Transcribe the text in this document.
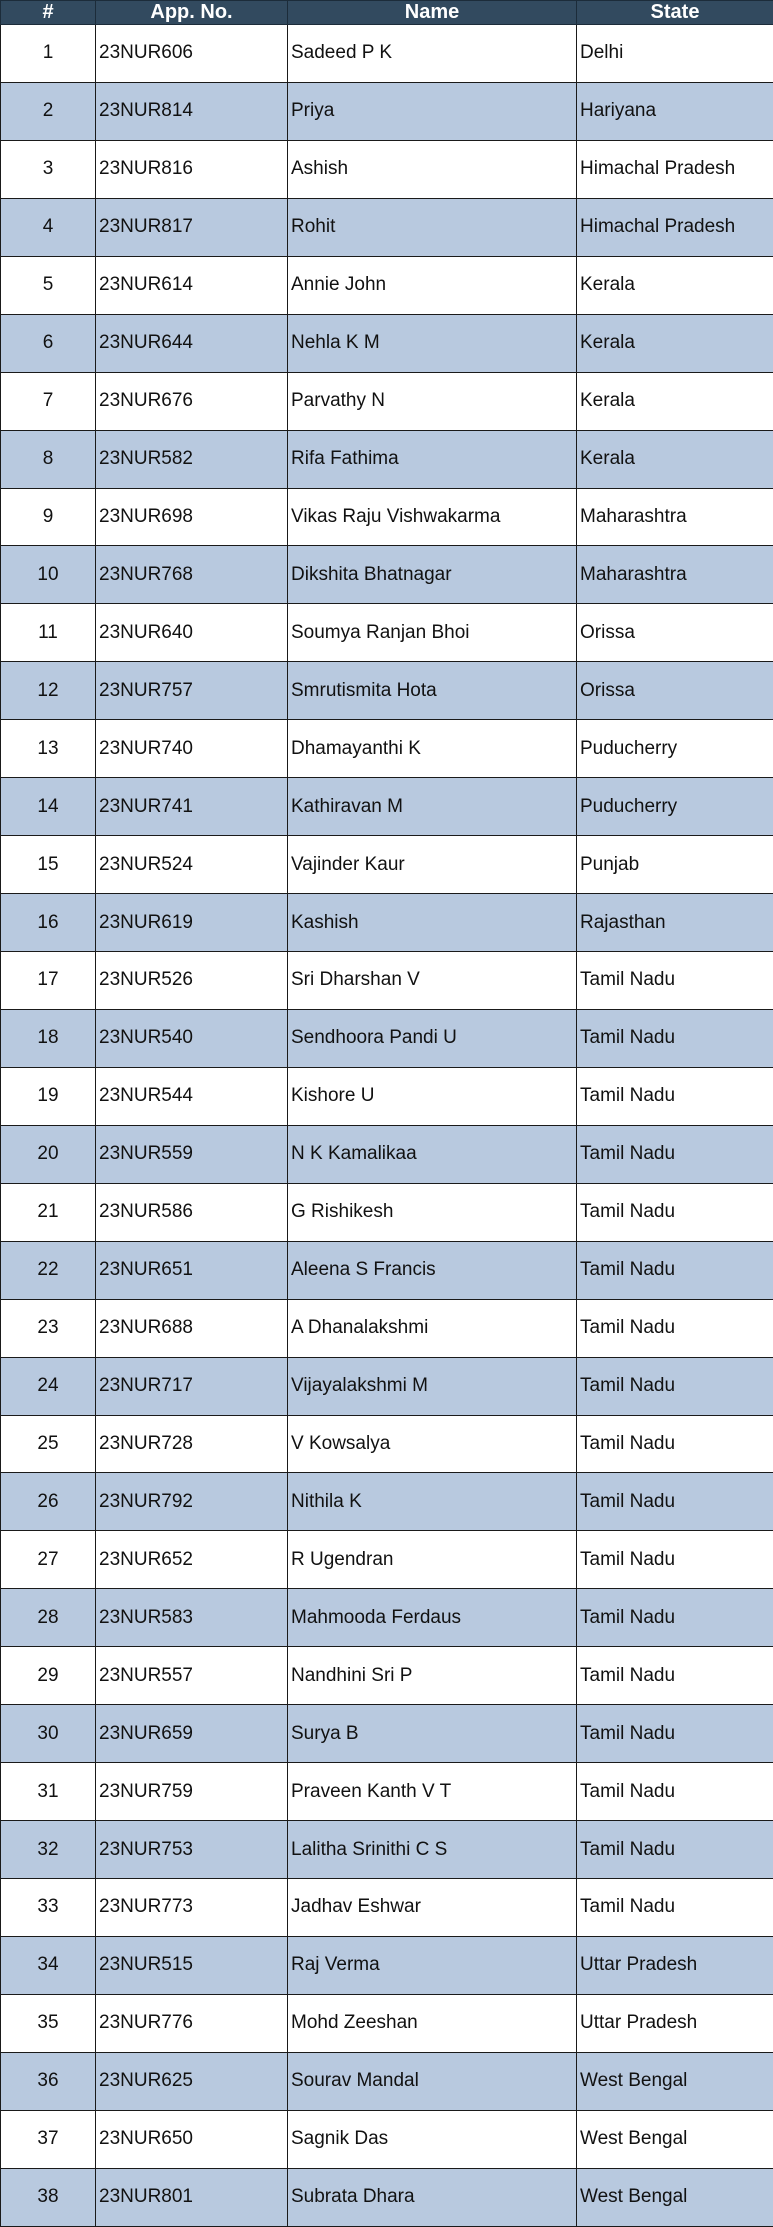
#	App. No.	Name	State
1	23NUR606	Sadeed P K	Delhi
2	23NUR814	Priya	Hariyana
3	23NUR816	Ashish	Himachal Pradesh
4	23NUR817	Rohit	Himachal Pradesh
5	23NUR614	Annie John	Kerala
6	23NUR644	Nehla K M	Kerala
7	23NUR676	Parvathy N	Kerala
8	23NUR582	Rifa Fathima	Kerala
9	23NUR698	Vikas Raju Vishwakarma	Maharashtra
10	23NUR768	Dikshita Bhatnagar	Maharashtra
11	23NUR640	Soumya Ranjan Bhoi	Orissa
12	23NUR757	Smrutismita Hota	Orissa
13	23NUR740	Dhamayanthi K	Puducherry
14	23NUR741	Kathiravan M	Puducherry
15	23NUR524	Vajinder Kaur	Punjab
16	23NUR619	Kashish	Rajasthan
17	23NUR526	Sri Dharshan V	Tamil Nadu
18	23NUR540	Sendhoora Pandi U	Tamil Nadu
19	23NUR544	Kishore U	Tamil Nadu
20	23NUR559	N K Kamalikaa	Tamil Nadu
21	23NUR586	G Rishikesh	Tamil Nadu
22	23NUR651	Aleena S Francis	Tamil Nadu
23	23NUR688	A Dhanalakshmi	Tamil Nadu
24	23NUR717	Vijayalakshmi M	Tamil Nadu
25	23NUR728	V Kowsalya	Tamil Nadu
26	23NUR792	Nithila K	Tamil Nadu
27	23NUR652	R Ugendran	Tamil Nadu
28	23NUR583	Mahmooda Ferdaus	Tamil Nadu
29	23NUR557	Nandhini Sri P	Tamil Nadu
30	23NUR659	Surya B	Tamil Nadu
31	23NUR759	Praveen Kanth V T	Tamil Nadu
32	23NUR753	Lalitha Srinithi C S	Tamil Nadu
33	23NUR773	Jadhav Eshwar	Tamil Nadu
34	23NUR515	Raj Verma	Uttar Pradesh
35	23NUR776	Mohd Zeeshan	Uttar Pradesh
36	23NUR625	Sourav Mandal	West Bengal
37	23NUR650	Sagnik Das	West Bengal
38	23NUR801	Subrata Dhara	West Bengal
